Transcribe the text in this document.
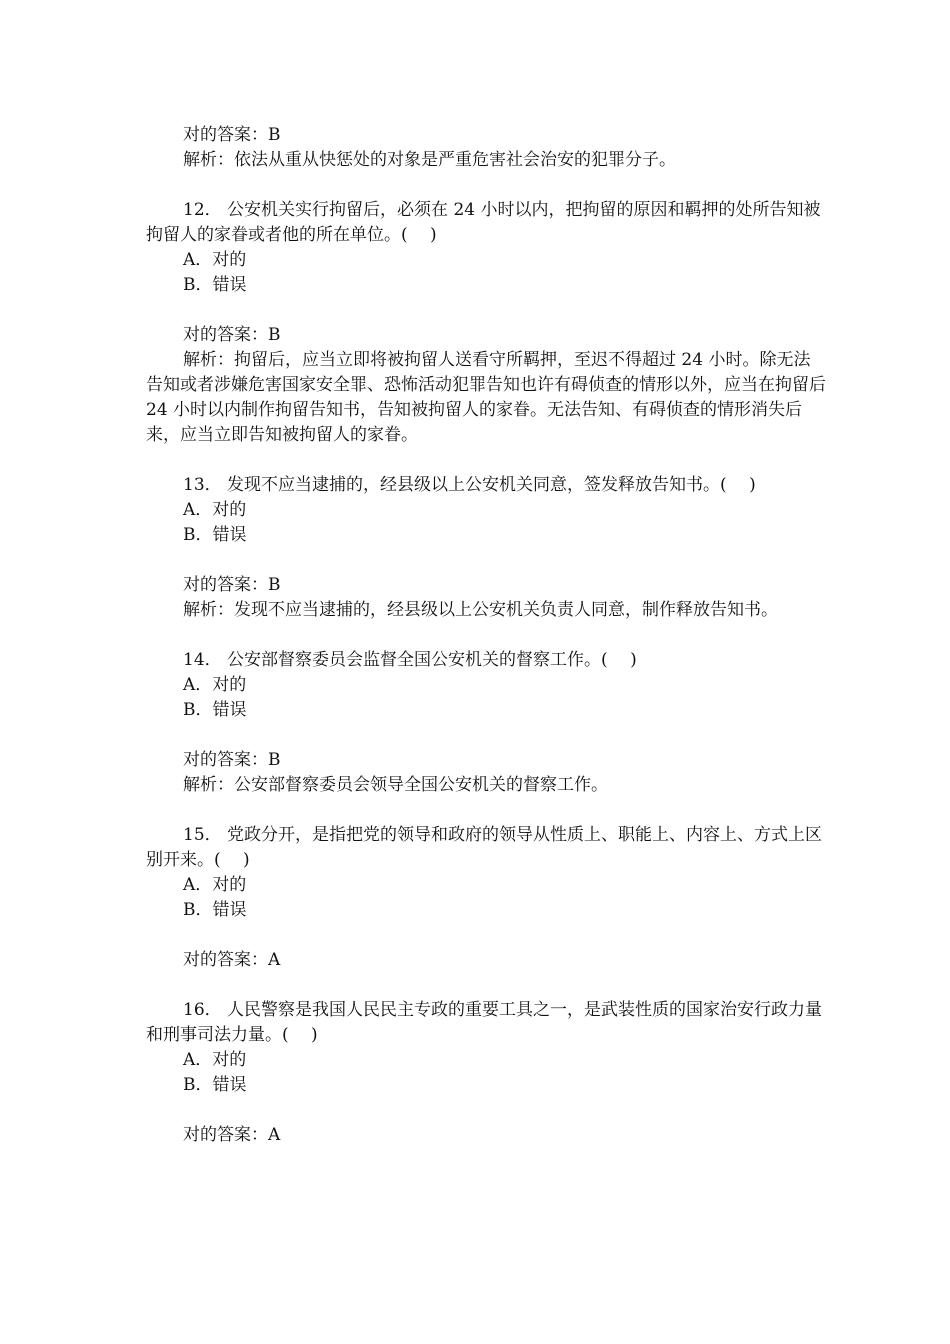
对的答案：B
解析：依法从重从快惩处的对象是严重危害社会治安的犯罪分子。
12． 公安机关实行拘留后，必须在 24 小时以内，把拘留的原因和羁押的处所告知被拘留人的家眷或者他的所在单位。(　 )
A．对的
B．错误
对的答案：B
解析：拘留后，应当立即将被拘留人送看守所羁押，至迟不得超过 24 小时。除无法告知或者涉嫌危害国家安全罪、恐怖活动犯罪告知也许有碍侦查的情形以外，应当在拘留后 24 小时以内制作拘留告知书，告知被拘留人的家眷。无法告知、有碍侦查的情形消失后来，应当立即告知被拘留人的家眷。
13． 发现不应当逮捕的，经县级以上公安机关同意，签发释放告知书。(　 )
A．对的
B．错误
对的答案：B
解析：发现不应当逮捕的，经县级以上公安机关负责人同意，制作释放告知书。
14． 公安部督察委员会监督全国公安机关的督察工作。(　 )
A．对的
B．错误
对的答案：B
解析：公安部督察委员会领导全国公安机关的督察工作。
15． 党政分开，是指把党的领导和政府的领导从性质上、职能上、内容上、方式上区别开来。(　 )
A．对的
B．错误
对的答案：A
16． 人民警察是我国人民民主专政的重要工具之一，是武装性质的国家治安行政力量和刑事司法力量。(　 )
A．对的
B．错误
对的答案：A
